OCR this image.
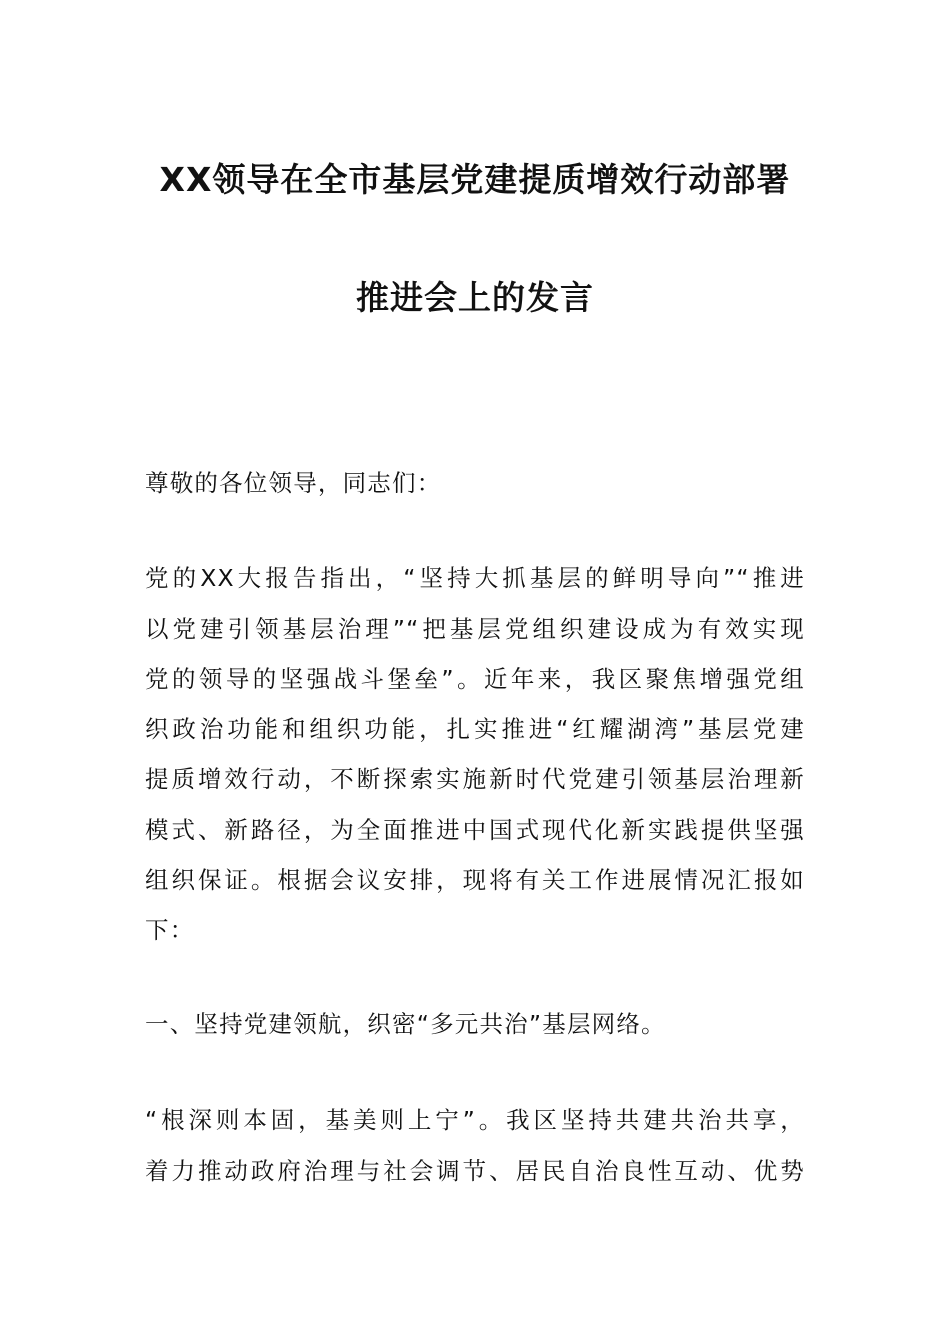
XX领导在全市基层党建提质增效行动部署
推进会上的发言
尊敬的各位领导，同志们：
党的XX大报告指出，“坚持大抓基层的鲜明导向”“推进
以党建引领基层治理”“把基层党组织建设成为有效实现
党的领导的坚强战斗堡垒”。近年来，我区聚焦增强党组
织政治功能和组织功能，扎实推进“红耀湖湾”基层党建
提质增效行动，不断探索实施新时代党建引领基层治理新
模式、新路径，为全面推进中国式现代化新实践提供坚强
组织保证。根据会议安排，现将有关工作进展情况汇报如
下：
一、坚持党建领航，织密“多元共治”基层网络。
“根深则本固，基美则上宁”。我区坚持共建共治共享，
着力推动政府治理与社会调节、居民自治良性互动、优势
